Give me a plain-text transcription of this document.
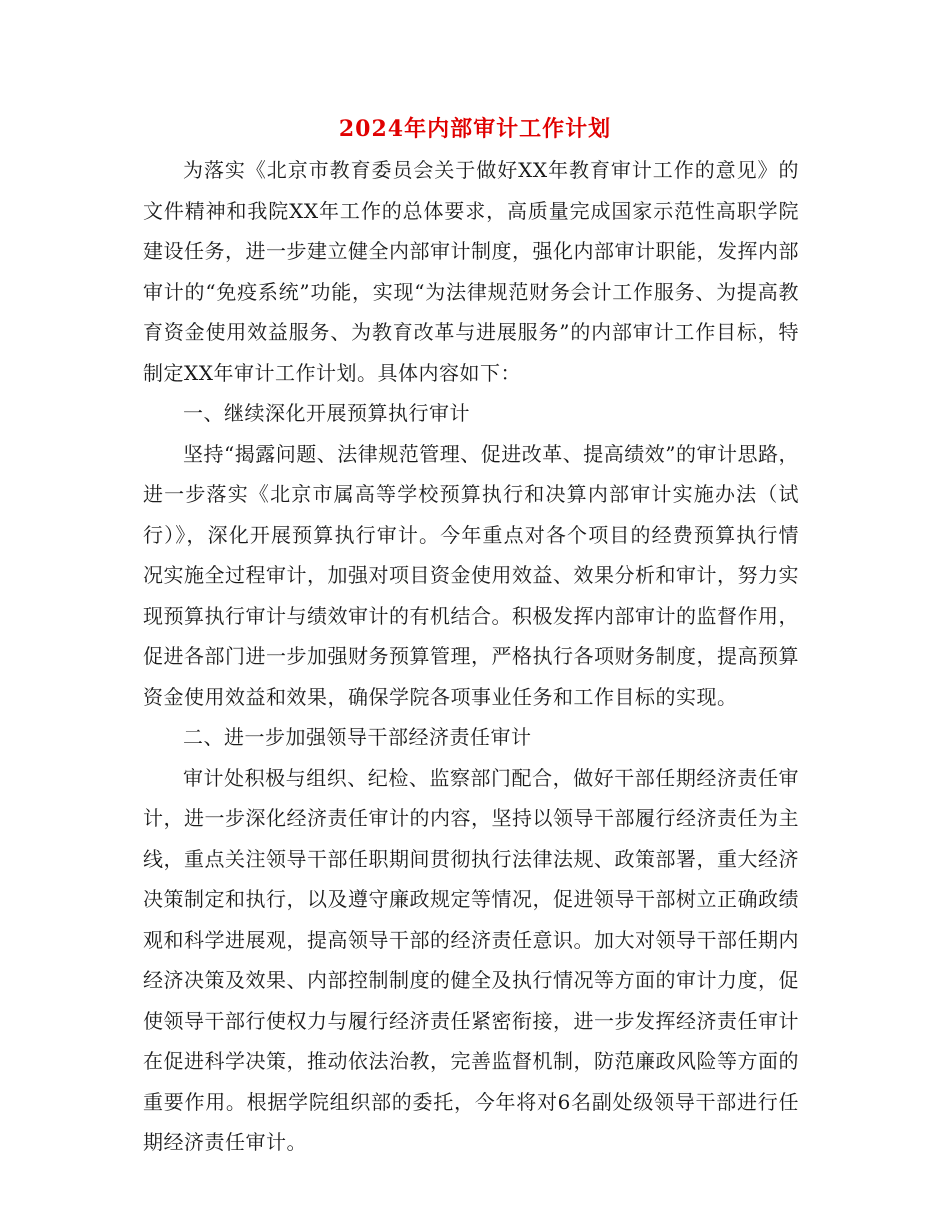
2024年内部审计工作计划

为落实《北京市教育委员会关于做好XX年教育审计工作的意见》的文件精神和我院XX年工作的总体要求，高质量完成国家示范性高职学院建设任务，进一步建立健全内部审计制度，强化内部审计职能，发挥内部审计的“免疫系统”功能，实现“为法律规范财务会计工作服务、为提高教育资金使用效益服务、为教育改革与进展服务”的内部审计工作目标，特制定XX年审计工作计划。具体内容如下：

一、继续深化开展预算执行审计

坚持“揭露问题、法律规范管理、促进改革、提高绩效”的审计思路，进一步落实《北京市属高等学校预算执行和决算内部审计实施办法（试行）》，深化开展预算执行审计。今年重点对各个项目的经费预算执行情况实施全过程审计，加强对项目资金使用效益、效果分析和审计，努力实现预算执行审计与绩效审计的有机结合。积极发挥内部审计的监督作用，促进各部门进一步加强财务预算管理，严格执行各项财务制度，提高预算资金使用效益和效果，确保学院各项事业任务和工作目标的实现。

二、进一步加强领导干部经济责任审计

审计处积极与组织、纪检、监察部门配合，做好干部任期经济责任审计，进一步深化经济责任审计的内容，坚持以领导干部履行经济责任为主线，重点关注领导干部任职期间贯彻执行法律法规、政策部署，重大经济决策制定和执行，以及遵守廉政规定等情况，促进领导干部树立正确政绩观和科学进展观，提高领导干部的经济责任意识。加大对领导干部任期内经济决策及效果、内部控制制度的健全及执行情况等方面的审计力度，促使领导干部行使权力与履行经济责任紧密衔接，进一步发挥经济责任审计在促进科学决策，推动依法治教，完善监督机制，防范廉政风险等方面的重要作用。根据学院组织部的委托，今年将对6名副处级领导干部进行任期经济责任审计。
